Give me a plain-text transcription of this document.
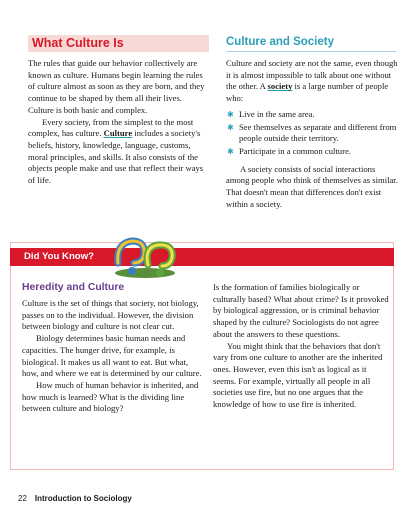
What Culture Is

The rules that guide our behavior collectively are known as culture. Humans begin learning the rules of culture almost as soon as they are born, and they continue to be shaped by them all their lives. Culture is both basic and complex.

Every society, from the simplest to the most complex, has culture. Culture includes a society's beliefs, history, knowledge, language, customs, moral principles, and skills. It also consists of the objects people make and use that reflect their ways of life.

Culture and Society

Culture and society are not the same, even though it is almost impossible to talk about one without the other. A society is a large number of people who:

✱ Live in the same area.
✱ See themselves as separate and different from people outside their territory.
✱ Participate in a common culture.

A society consists of social interactions among people who think of themselves as similar. That doesn't mean that differences don't exist within a society.

Did You Know?
Heredity and Culture

Culture is the set of things that society, not biology, passes on to the individual. However, the division between biology and culture is not clear cut.

Biology determines basic human needs and capacities. The hunger drive, for example, is biological. It makes us all want to eat. But what, how, and where we eat is determined by our culture.

How much of human behavior is inherited, and how much is learned? What is the dividing line between culture and biology?

Is the formation of families biologically or culturally based? What about crime? Is it provoked by biological aggression, or is criminal behavior shaped by the culture? Sociologists do not agree about the answers to these questions.

You might think that the behaviors that don't vary from one culture to another are the inherited ones. However, even this isn't as logical as it seems. For example, virtually all people in all societies use fire, but no one argues that the knowledge of how to use fire is inherited.

22 Introduction to Sociology
